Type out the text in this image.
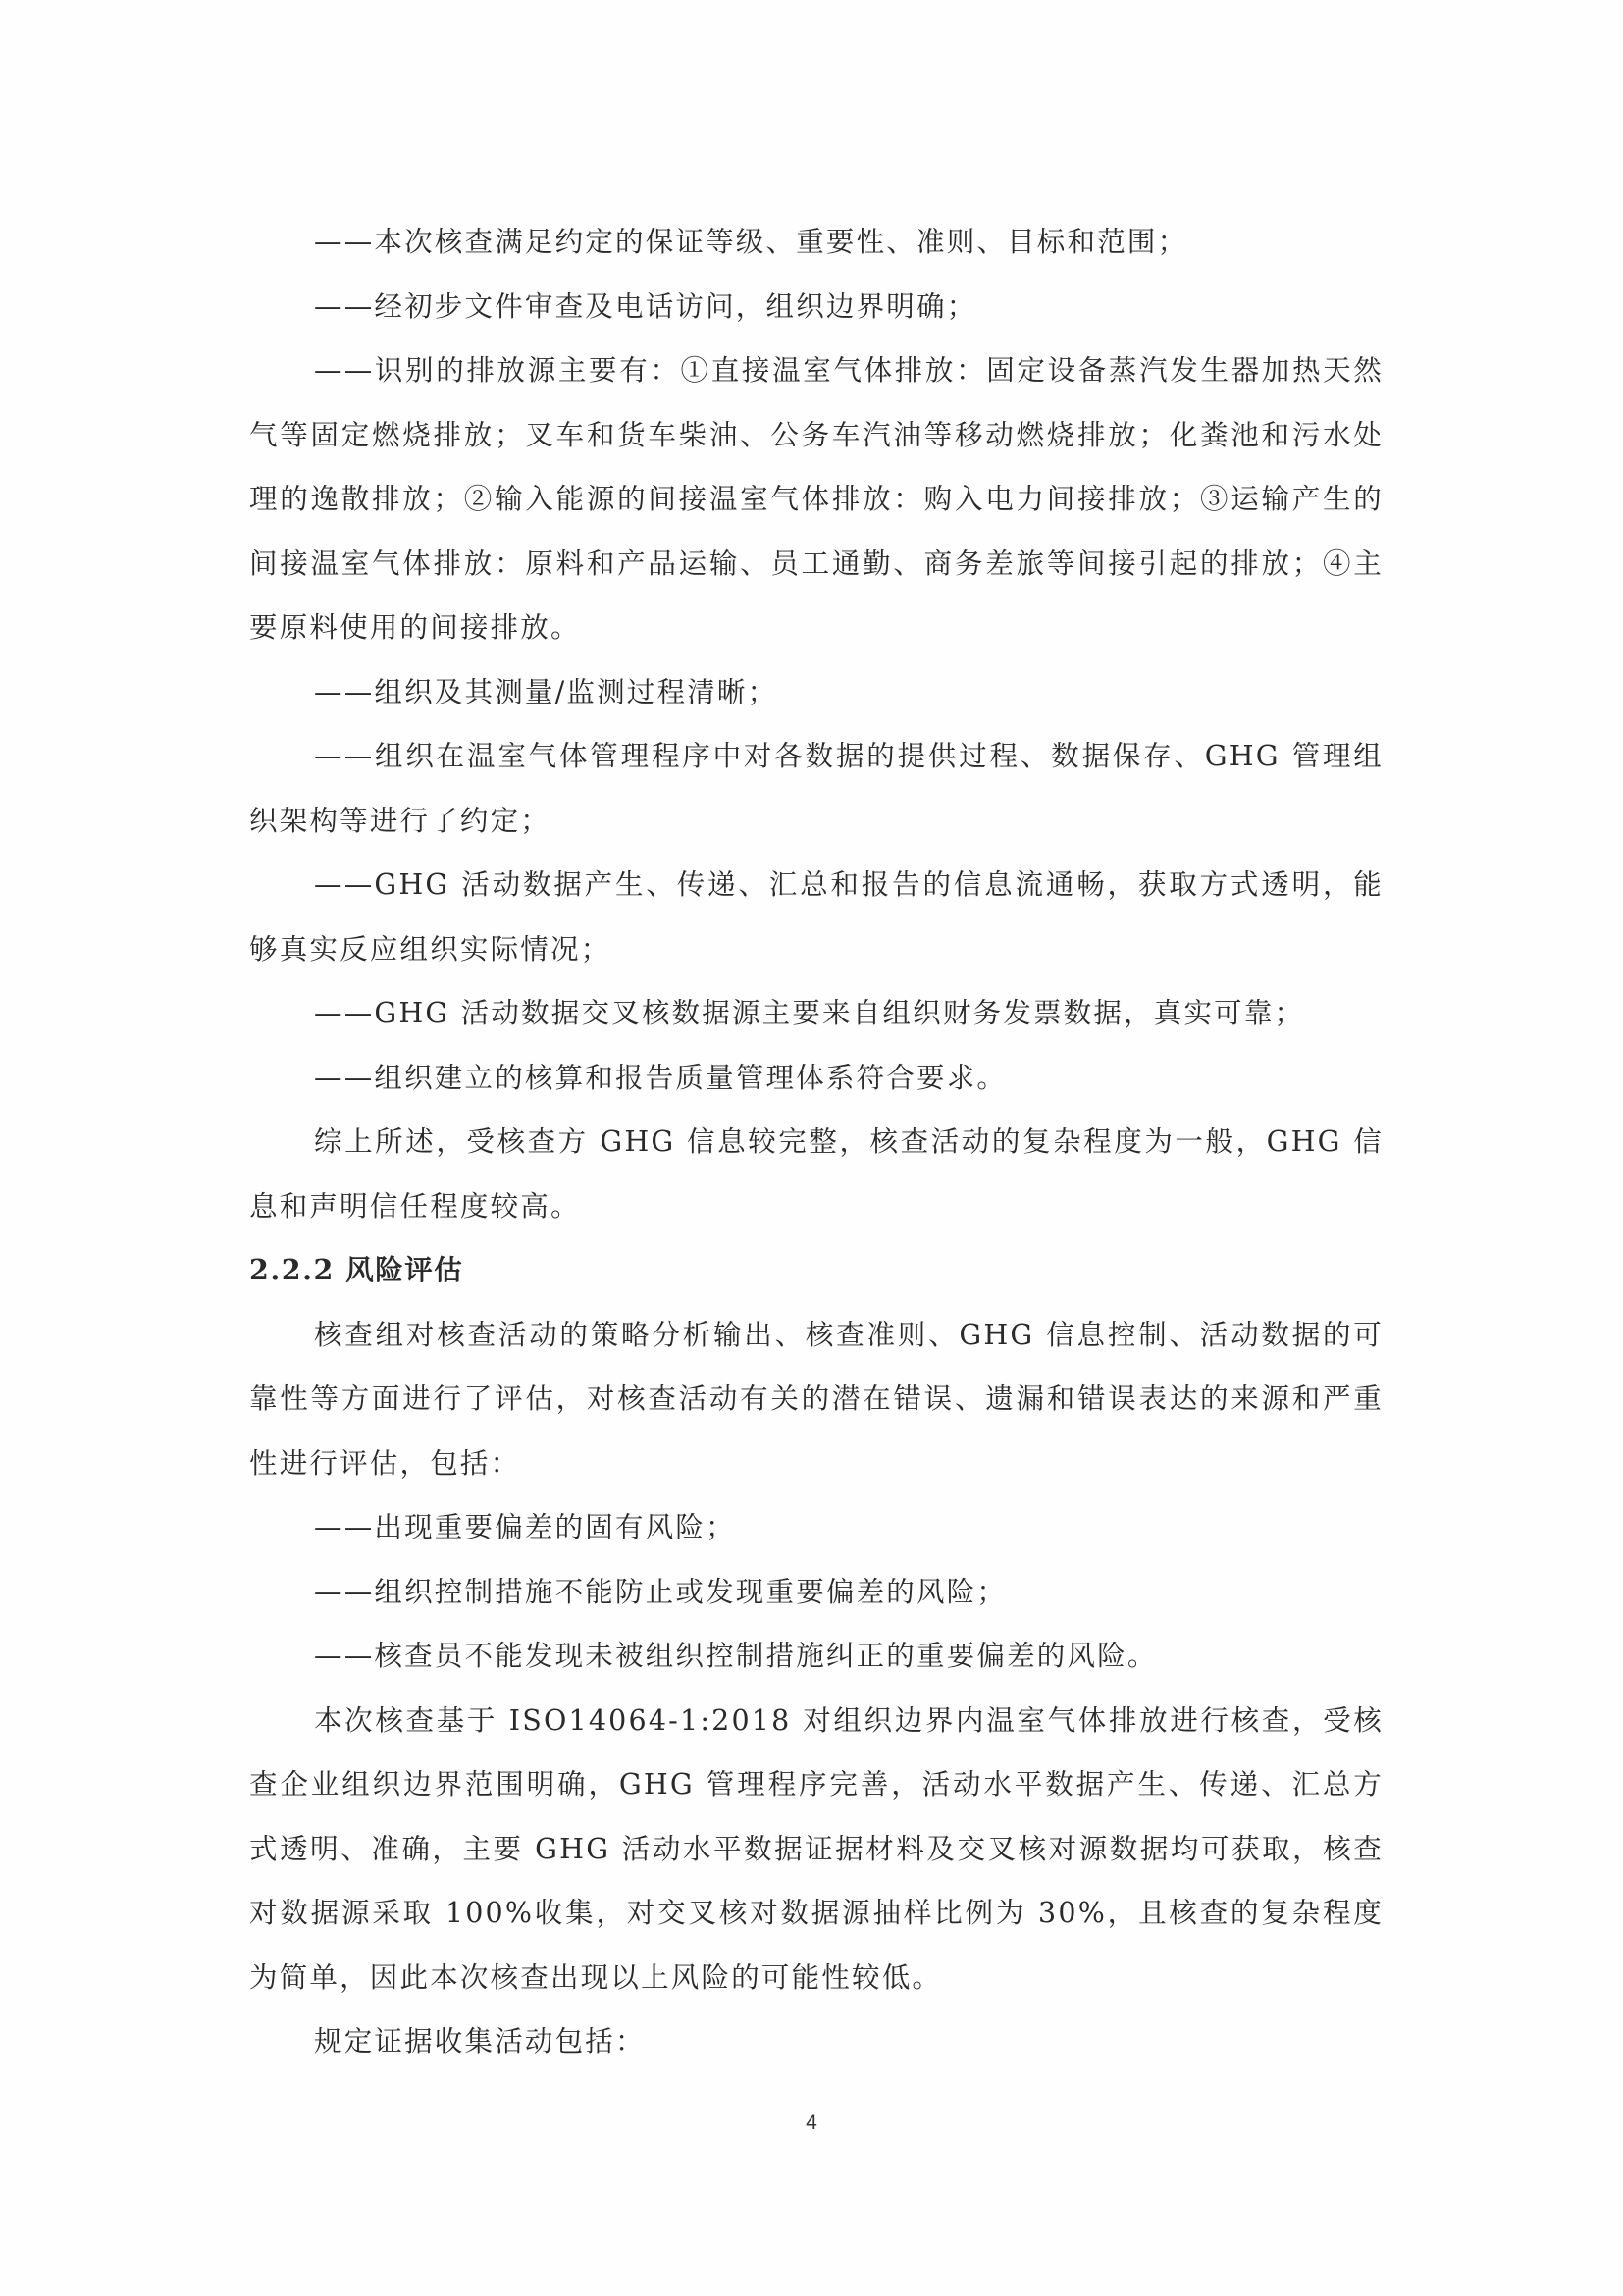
——本次核查满足约定的保证等级、重要性、准则、目标和范围；

——经初步文件审查及电话访问，组织边界明确；

——识别的排放源主要有：①直接温室气体排放：固定设备蒸汽发生器加热天然气等固定燃烧排放；叉车和货车柴油、公务车汽油等移动燃烧排放；化粪池和污水处理的逸散排放；②输入能源的间接温室气体排放：购入电力间接排放；③运输产生的间接温室气体排放：原料和产品运输、员工通勤、商务差旅等间接引起的排放；④主要原料使用的间接排放。

——组织及其测量/监测过程清晰；

——组织在温室气体管理程序中对各数据的提供过程、数据保存、GHG 管理组织架构等进行了约定；

——GHG 活动数据产生、传递、汇总和报告的信息流通畅，获取方式透明，能够真实反应组织实际情况；

——GHG 活动数据交叉核数据源主要来自组织财务发票数据，真实可靠；

——组织建立的核算和报告质量管理体系符合要求。

综上所述，受核查方 GHG 信息较完整，核查活动的复杂程度为一般，GHG 信息和声明信任程度较高。

2.2.2 风险评估

核查组对核查活动的策略分析输出、核查准则、GHG 信息控制、活动数据的可靠性等方面进行了评估，对核查活动有关的潜在错误、遗漏和错误表达的来源和严重性进行评估，包括：

——出现重要偏差的固有风险；

——组织控制措施不能防止或发现重要偏差的风险；

——核查员不能发现未被组织控制措施纠正的重要偏差的风险。

本次核查基于 ISO14064-1:2018 对组织边界内温室气体排放进行核查，受核查企业组织边界范围明确，GHG 管理程序完善，活动水平数据产生、传递、汇总方式透明、准确，主要 GHG 活动水平数据证据材料及交叉核对源数据均可获取，核查对数据源采取 100%收集，对交叉核对数据源抽样比例为 30%，且核查的复杂程度为简单，因此本次核查出现以上风险的可能性较低。

规定证据收集活动包括：

4
